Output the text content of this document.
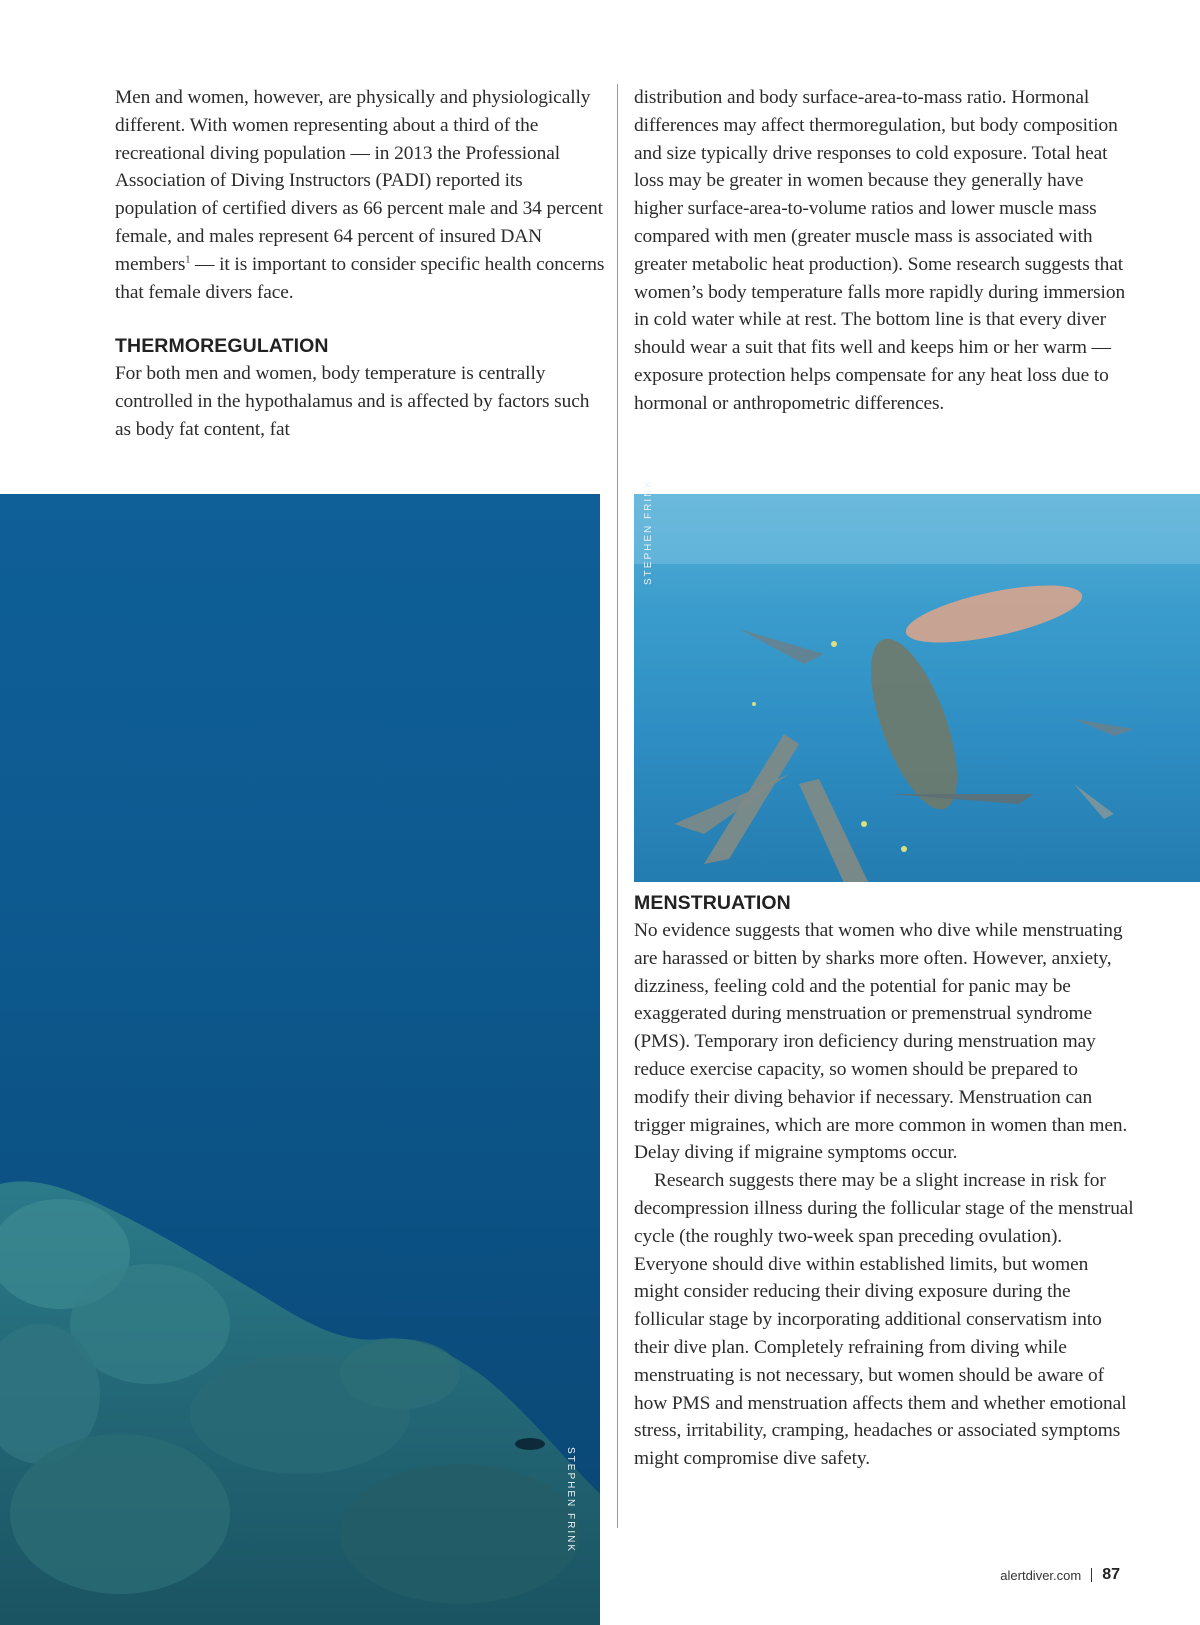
Men and women, however, are physically and physiologically different. With women representing about a third of the recreational diving population — in 2013 the Professional Association of Diving Instructors (PADI) reported its population of certified divers as 66 percent male and 34 percent female, and males represent 64 percent of insured DAN members$^1$ — it is important to consider specific health concerns that female divers face.

THERMOREGULATION

For both men and women, body temperature is centrally controlled in the hypothalamus and is affected by factors such as body fat content, fat

distribution and body surface-area-to-mass ratio. Hormonal differences may affect thermoregulation, but body composition and size typically drive responses to cold exposure. Total heat loss may be greater in women because they generally have higher surface-area-to-volume ratios and lower muscle mass compared with men (greater muscle mass is associated with greater metabolic heat production). Some research suggests that women’s body temperature falls more rapidly during immersion in cold water while at rest. The bottom line is that every diver should wear a suit that fits well and keeps him or her warm — exposure protection helps compensate for any heat loss due to hormonal or anthropometric differences.

STEPHEN FRINK
STEPHEN FRINK
MENSTRUATION

No evidence suggests that women who dive while menstruating are harassed or bitten by sharks more often. However, anxiety, dizziness, feeling cold and the potential for panic may be exaggerated during menstruation or premenstrual syndrome (PMS). Temporary iron deficiency during menstruation may reduce exercise capacity, so women should be prepared to modify their diving behavior if necessary. Menstruation can trigger migraines, which are more common in women than men. Delay diving if migraine symptoms occur.

Research suggests there may be a slight increase in risk for decompression illness during the follicular stage of the menstrual cycle (the roughly two-week span preceding ovulation). Everyone should dive within established limits, but women might consider reducing their diving exposure during the follicular stage by incorporating additional conservatism into their dive plan. Completely refraining from diving while menstruating is not necessary, but women should be aware of how PMS and menstruation affects them and whether emotional stress, irritability, cramping, headaches or associated symptoms might compromise dive safety.

alertdiver.com 87
